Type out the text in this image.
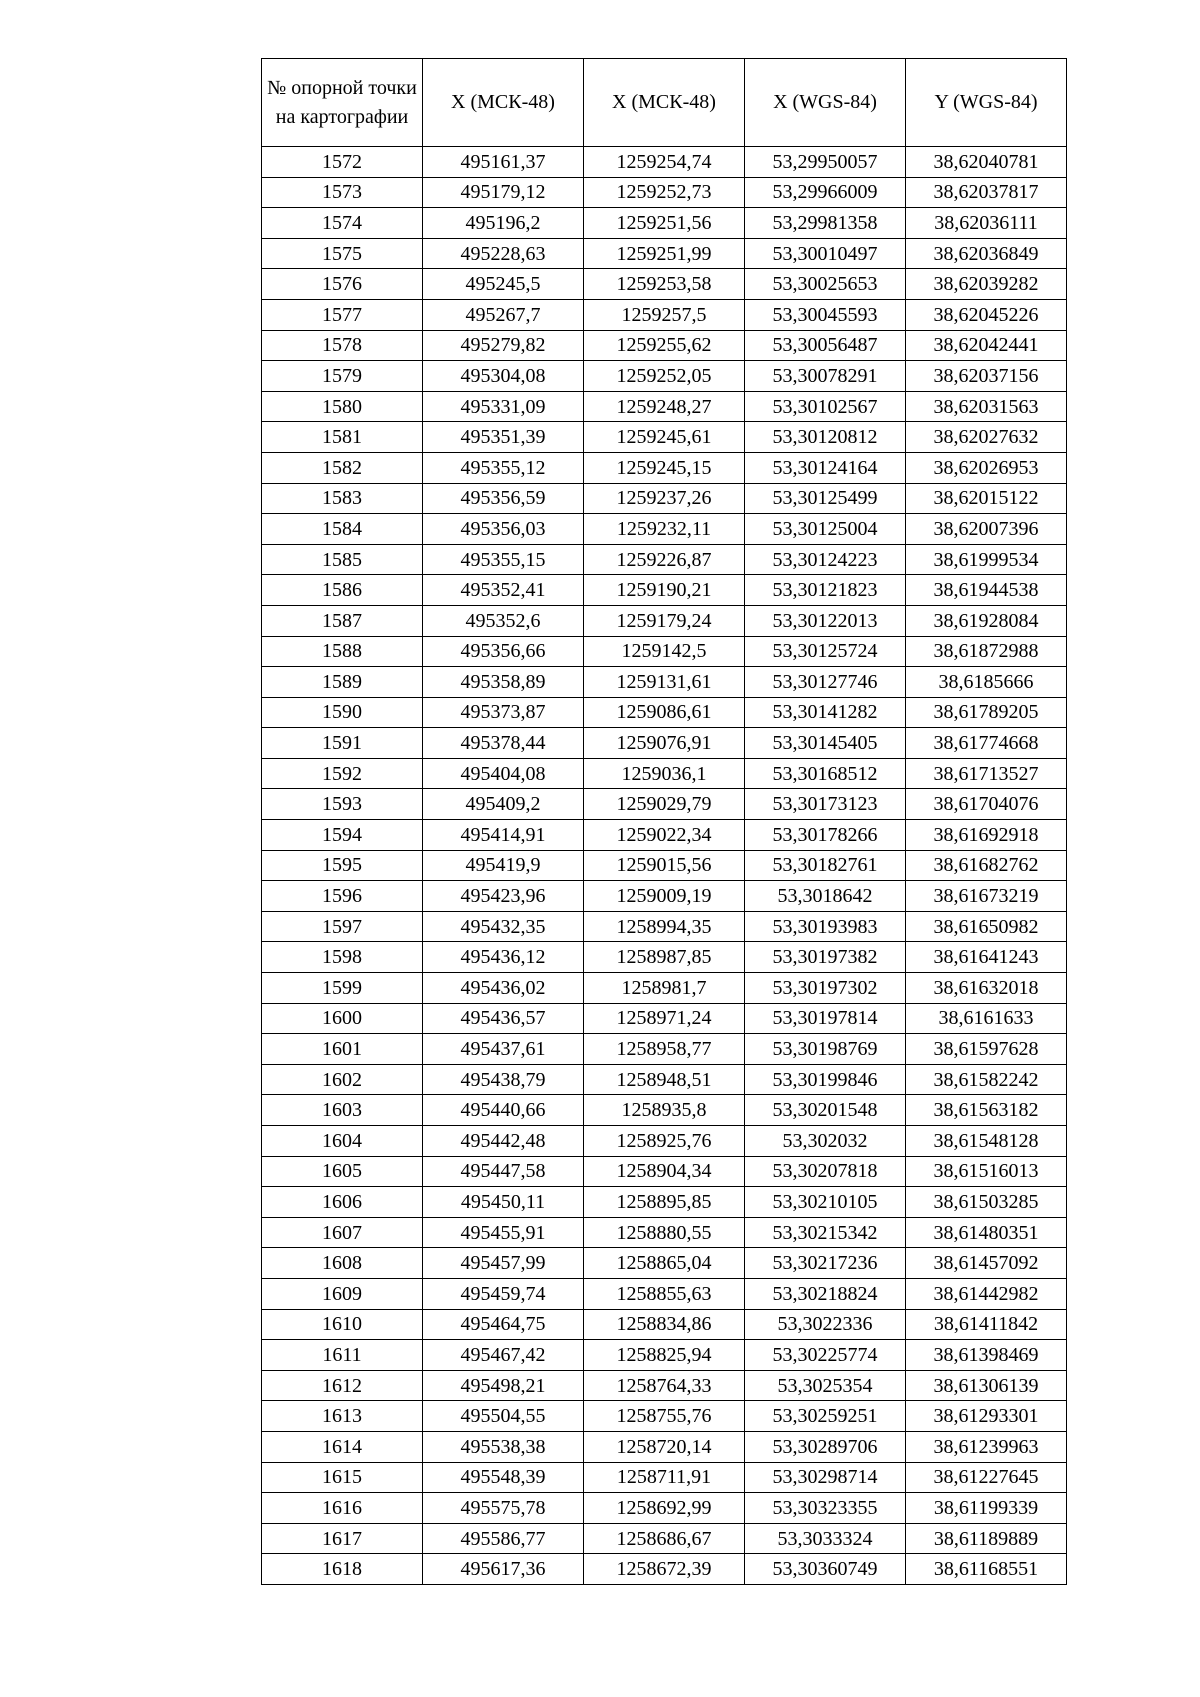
№ опорной точки на картографии	X (МСК-48)	X (МСК-48)	X (WGS-84)	Y (WGS-84)
1572	495161,37	1259254,74	53,29950057	38,62040781
1573	495179,12	1259252,73	53,29966009	38,62037817
1574	495196,2	1259251,56	53,29981358	38,62036111
1575	495228,63	1259251,99	53,30010497	38,62036849
1576	495245,5	1259253,58	53,30025653	38,62039282
1577	495267,7	1259257,5	53,30045593	38,62045226
1578	495279,82	1259255,62	53,30056487	38,62042441
1579	495304,08	1259252,05	53,30078291	38,62037156
1580	495331,09	1259248,27	53,30102567	38,62031563
1581	495351,39	1259245,61	53,30120812	38,62027632
1582	495355,12	1259245,15	53,30124164	38,62026953
1583	495356,59	1259237,26	53,30125499	38,62015122
1584	495356,03	1259232,11	53,30125004	38,62007396
1585	495355,15	1259226,87	53,30124223	38,61999534
1586	495352,41	1259190,21	53,30121823	38,61944538
1587	495352,6	1259179,24	53,30122013	38,61928084
1588	495356,66	1259142,5	53,30125724	38,61872988
1589	495358,89	1259131,61	53,30127746	38,6185666
1590	495373,87	1259086,61	53,30141282	38,61789205
1591	495378,44	1259076,91	53,30145405	38,61774668
1592	495404,08	1259036,1	53,30168512	38,61713527
1593	495409,2	1259029,79	53,30173123	38,61704076
1594	495414,91	1259022,34	53,30178266	38,61692918
1595	495419,9	1259015,56	53,30182761	38,61682762
1596	495423,96	1259009,19	53,3018642	38,61673219
1597	495432,35	1258994,35	53,30193983	38,61650982
1598	495436,12	1258987,85	53,30197382	38,61641243
1599	495436,02	1258981,7	53,30197302	38,61632018
1600	495436,57	1258971,24	53,30197814	38,6161633
1601	495437,61	1258958,77	53,30198769	38,61597628
1602	495438,79	1258948,51	53,30199846	38,61582242
1603	495440,66	1258935,8	53,30201548	38,61563182
1604	495442,48	1258925,76	53,302032	38,61548128
1605	495447,58	1258904,34	53,30207818	38,61516013
1606	495450,11	1258895,85	53,30210105	38,61503285
1607	495455,91	1258880,55	53,30215342	38,61480351
1608	495457,99	1258865,04	53,30217236	38,61457092
1609	495459,74	1258855,63	53,30218824	38,61442982
1610	495464,75	1258834,86	53,3022336	38,61411842
1611	495467,42	1258825,94	53,30225774	38,61398469
1612	495498,21	1258764,33	53,3025354	38,61306139
1613	495504,55	1258755,76	53,30259251	38,61293301
1614	495538,38	1258720,14	53,30289706	38,61239963
1615	495548,39	1258711,91	53,30298714	38,61227645
1616	495575,78	1258692,99	53,30323355	38,61199339
1617	495586,77	1258686,67	53,3033324	38,61189889
1618	495617,36	1258672,39	53,30360749	38,61168551
